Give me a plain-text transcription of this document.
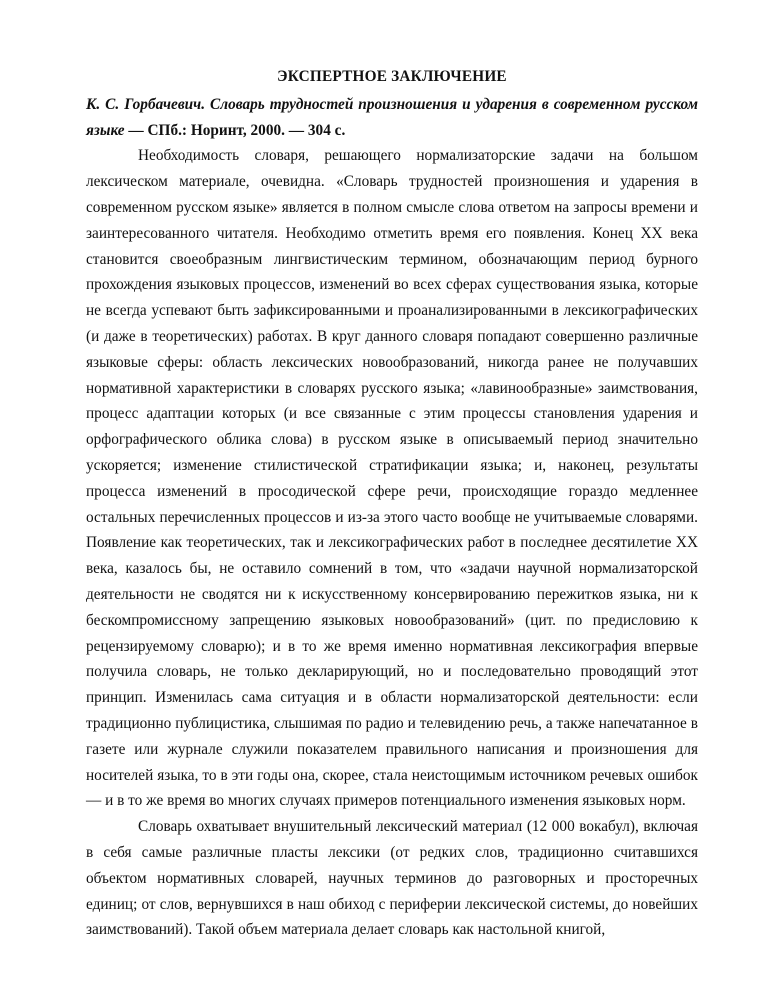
ЭКСПЕРТНОЕ ЗАКЛЮЧЕНИЕ

К. С. Горбачевич. Словарь трудностей произношения и ударения в современном русском языке — СПб.: Норинт, 2000. — 304 с.

Необходимость словаря, решающего нормализаторские задачи на большом лексическом материале, очевидна. «Словарь трудностей произношения и ударения в современном русском языке» является в полном смысле слова ответом на запросы времени и заинтересованного читателя. Необходимо отметить время его появления. Конец XX века становится своеобразным лингвистическим термином, обозначающим период бурного прохождения языковых процессов, изменений во всех сферах существования языка, которые не всегда успевают быть зафиксированными и проанализированными в лексикографических (и даже в теоретических) работах. В круг данного словаря попадают совершенно различные языковые сферы: область лексических новообразований, никогда ранее не получавших нормативной характеристики в словарях русского языка; «лавинообразные» заимствования, процесс адаптации которых (и все связанные с этим процессы становления ударения и орфографического облика слова) в русском языке в описываемый период значительно ускоряется; изменение стилистической стратификации языка; и, наконец, результаты процесса изменений в просодической сфере речи, происходящие гораздо медленнее остальных перечисленных процессов и из-за этого часто вообще не учитываемые словарями. Появление как теоретических, так и лексикографических работ в последнее десятилетие XX века, казалось бы, не оставило сомнений в том, что «задачи научной нормализаторской деятельности не сводятся ни к искусственному консервированию пережитков языка, ни к бескомпромиссному запрещению языковых новообразований» (цит. по предисловию к рецензируемому словарю); и в то же время именно нормативная лексикография впервые получила словарь, не только декларирующий, но и последовательно проводящий этот принцип. Изменилась сама ситуация и в области нормализаторской деятельности: если традиционно публицистика, слышимая по радио и телевидению речь, а также напечатанное в газете или журнале служили показателем правильного написания и произношения для носителей языка, то в эти годы она, скорее, стала неистощимым источником речевых ошибок — и в то же время во многих случаях примеров потенциального изменения языковых норм.

Словарь охватывает внушительный лексический материал (12 000 вокабул), включая в себя самые различные пласты лексики (от редких слов, традиционно считавшихся объектом нормативных словарей, научных терминов до разговорных и просторечных единиц; от слов, вернувшихся в наш обиход с периферии лексической системы, до новейших заимствований). Такой объем материала делает словарь как настольной книгой,
